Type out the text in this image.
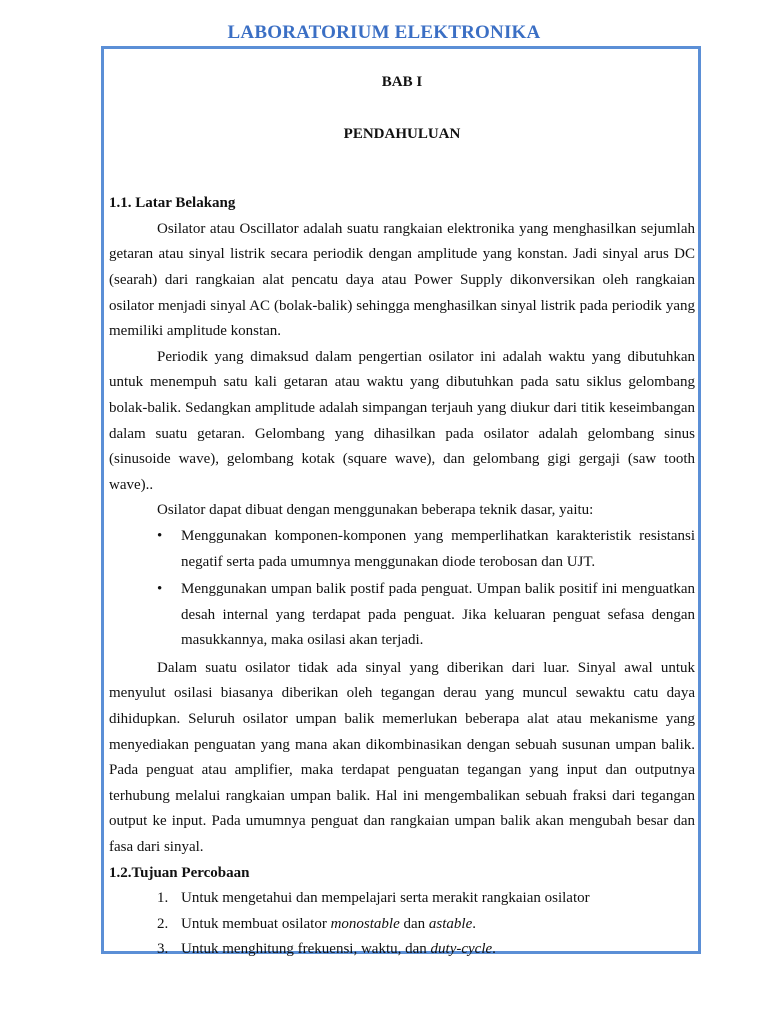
LABORATORIUM ELEKTRONIKA
BAB I
PENDAHULUAN
1.1. Latar Belakang

Osilator atau Oscillator adalah suatu rangkaian elektronika yang menghasilkan sejumlah getaran atau sinyal listrik secara periodik dengan amplitude yang konstan. Jadi sinyal arus DC (searah) dari rangkaian alat pencatu daya atau Power Supply dikonversikan oleh rangkaian osilator menjadi sinyal AC (bolak-balik) sehingga menghasilkan sinyal listrik pada periodik yang memiliki amplitude konstan.

Periodik yang dimaksud dalam pengertian osilator ini adalah waktu yang dibutuhkan untuk menempuh satu kali getaran atau waktu yang dibutuhkan pada satu siklus gelombang bolak-balik. Sedangkan amplitude adalah simpangan terjauh yang diukur dari titik keseimbangan dalam suatu getaran. Gelombang yang dihasilkan pada osilator adalah gelombang sinus (sinusoide wave), gelombang kotak (square wave), dan gelombang gigi gergaji (saw tooth wave)..

Osilator dapat dibuat dengan menggunakan beberapa teknik dasar, yaitu:

• Menggunakan komponen-komponen yang memperlihatkan karakteristik resistansi negatif serta pada umumnya menggunakan diode terobosan dan UJT.
• Menggunakan umpan balik postif pada penguat. Umpan balik positif ini menguatkan desah internal yang terdapat pada penguat. Jika keluaran penguat sefasa dengan masukkannya, maka osilasi akan terjadi.

Dalam suatu osilator tidak ada sinyal yang diberikan dari luar. Sinyal awal untuk menyulut osilasi biasanya diberikan oleh tegangan derau yang muncul sewaktu catu daya dihidupkan. Seluruh osilator umpan balik memerlukan beberapa alat atau mekanisme yang menyediakan penguatan yang mana akan dikombinasikan dengan sebuah susunan umpan balik. Pada penguat atau amplifier, maka terdapat penguatan tegangan yang input dan outputnya terhubung melalui rangkaian umpan balik. Hal ini mengembalikan sebuah fraksi dari tegangan output ke input. Pada umumnya penguat dan rangkaian umpan balik akan mengubah besar dan fasa dari sinyal.

1.2.Tujuan Percobaan
1. Untuk mengetahui dan mempelajari serta merakit rangkaian osilator
2. Untuk membuat osilator monostable dan astable.
3. Untuk menghitung frekuensi, waktu, dan duty-cycle.
